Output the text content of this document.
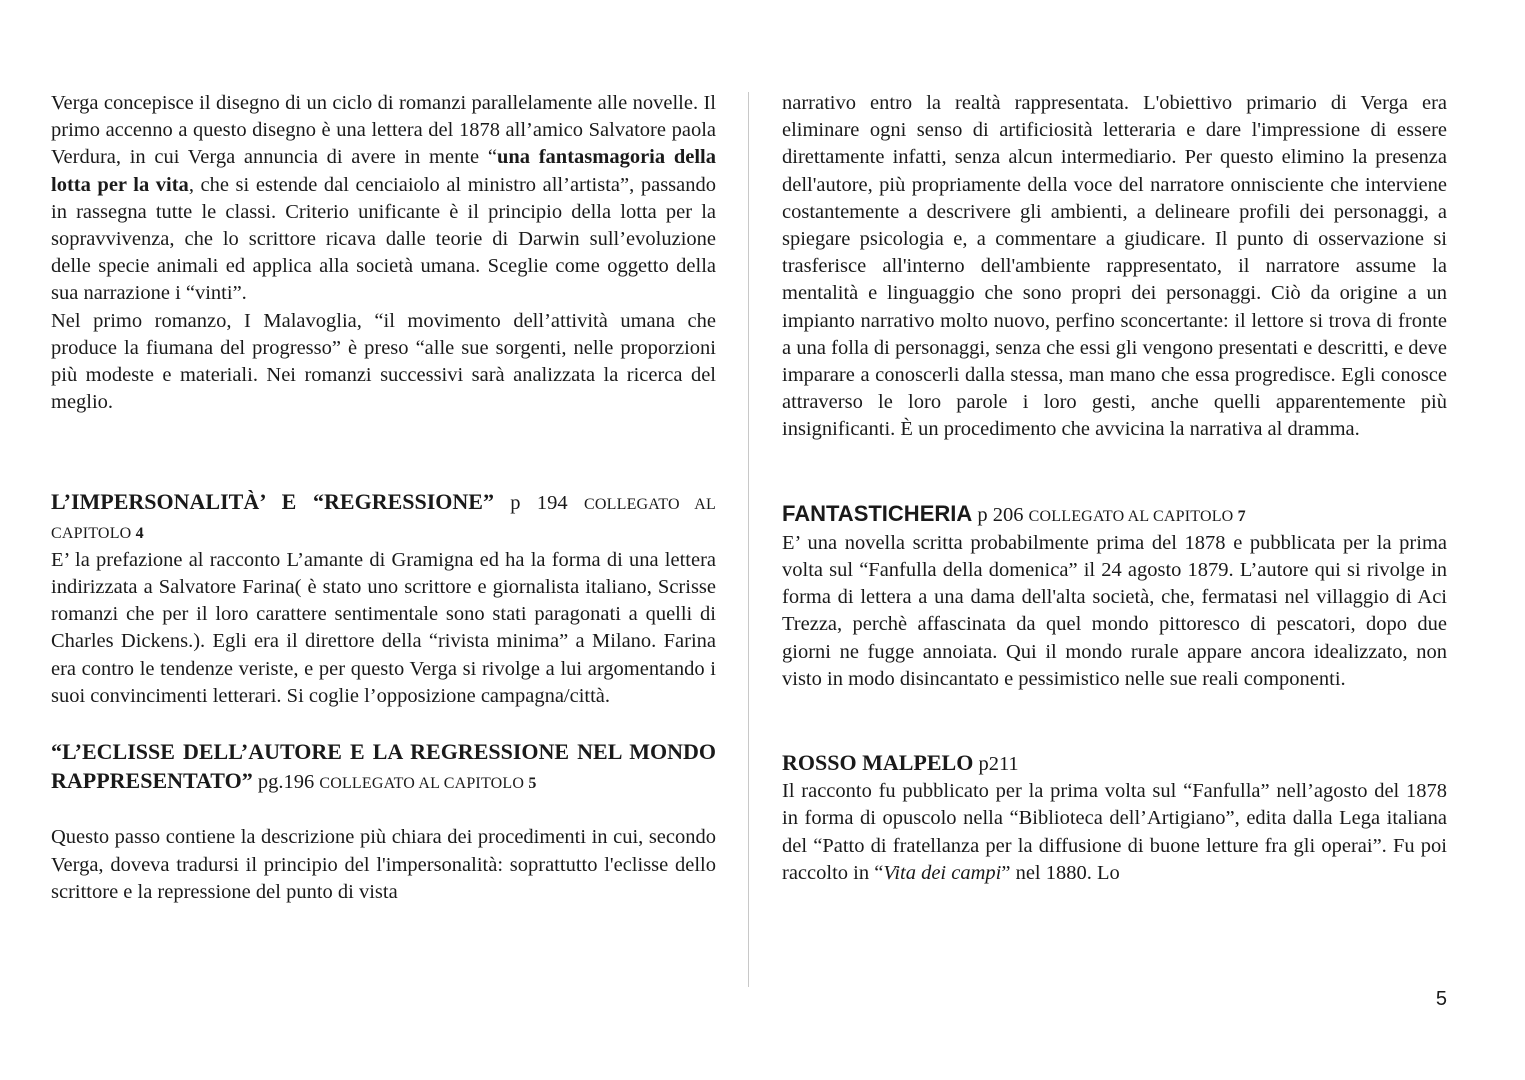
Verga concepisce il disegno di un ciclo di romanzi parallelamente alle novelle. Il primo accenno a questo disegno è una lettera del 1878 all’amico Salvatore paola Verdura, in cui Verga annuncia di avere in mente “una fantasmagoria della lotta per la vita, che si estende dal cenciaiolo al ministro all’artista”, passando in rassegna tutte le classi. Criterio unificante è il principio della lotta per la sopravvivenza, che lo scrittore ricava dalle teorie di Darwin sull’evoluzione delle specie animali ed applica alla società umana. Sceglie come oggetto della sua narrazione i “vinti”.

Nel primo romanzo, I Malavoglia, “il movimento dell’attività umana che produce la fiumana del progresso” è preso “alle sue sorgenti, nelle proporzioni più modeste e materiali. Nei romanzi successivi sarà analizzata la ricerca del meglio.

L’IMPERSONALITÀ’ E “REGRESSIONE” p 194 COLLEGATO AL CAPITOLO 4

E’ la prefazione al racconto L’amante di Gramigna ed ha la forma di una lettera indirizzata a Salvatore Farina( è stato uno scrittore e giornalista italiano, Scrisse romanzi che per il loro carattere sentimentale sono stati paragonati a quelli di Charles Dickens.). Egli era il direttore della “rivista minima” a Milano. Farina era contro le tendenze veriste, e per questo Verga si rivolge a lui argomentando i suoi convincimenti letterari. Si coglie l’opposizione campagna/città.

“L’ECLISSE DELL’AUTORE E LA REGRESSIONE NEL MONDO RAPPRESENTATO” pg.196 COLLEGATO AL CAPITOLO 5

Questo passo contiene la descrizione più chiara dei procedimenti in cui, secondo Verga, doveva tradursi il principio del l'impersonalità: soprattutto l'eclisse dello scrittore e la repressione del punto di vista

narrativo entro la realtà rappresentata. L'obiettivo primario di Verga era eliminare ogni senso di artificiosità letteraria e dare l'impressione di essere direttamente infatti, senza alcun intermediario. Per questo elimino la presenza dell'autore, più propriamente della voce del narratore onnisciente che interviene costantemente a descrivere gli ambienti, a delineare profili dei personaggi, a spiegare psicologia e, a commentare a giudicare. Il punto di osservazione si trasferisce all'interno dell'ambiente rappresentato, il narratore assume la mentalità e linguaggio che sono propri dei personaggi. Ciò da origine a un impianto narrativo molto nuovo, perfino sconcertante: il lettore si trova di fronte a una folla di personaggi, senza che essi gli vengono presentati e descritti, e deve imparare a conoscerli dalla stessa, man mano che essa progredisce. Egli conosce attraverso le loro parole i loro gesti, anche quelli apparentemente più insignificanti. È un procedimento che avvicina la narrativa al dramma.

FANTASTICHERIA p 206 COLLEGATO AL CAPITOLO 7

E’ una novella scritta probabilmente prima del 1878 e pubblicata per la prima volta sul “Fanfulla della domenica” il 24 agosto 1879. L’autore qui si rivolge in forma di lettera a una dama dell'alta società, che, fermatasi nel villaggio di Aci Trezza, perchè affascinata da quel mondo pittoresco di pescatori, dopo due giorni ne fugge annoiata. Qui il mondo rurale appare ancora idealizzato, non visto in modo disincantato e pessimistico nelle sue reali componenti.

ROSSO MALPELO p211

Il racconto fu pubblicato per la prima volta sul “Fanfulla” nell’agosto del 1878 in forma di opuscolo nella “Biblioteca dell’Artigiano”, edita dalla Lega italiana del “Patto di fratellanza per la diffusione di buone letture fra gli operai”. Fu poi raccolto in “Vita dei campi” nel 1880. Lo

5
